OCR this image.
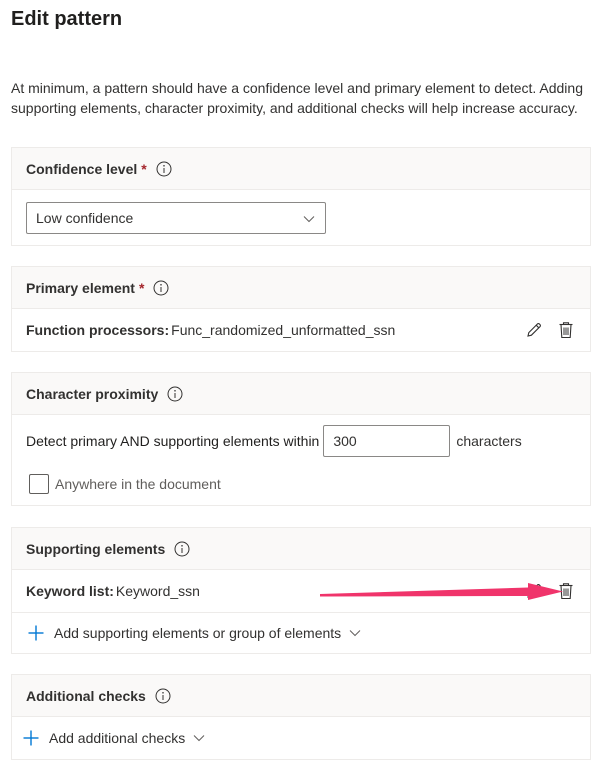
Edit pattern
At minimum, a pattern should have a confidence level and primary element to detect. Adding supporting elements, character proximity, and additional checks will help increase accuracy.
Confidence level *
Low confidence
Primary element *
Function processors: Func_randomized_unformatted_ssn
Character proximity
Detect primary AND supporting elements within	300	characters
Anywhere in the document
Supporting elements
Keyword list: Keyword_ssn
Add supporting elements or group of elements
Additional checks
Add additional checks
